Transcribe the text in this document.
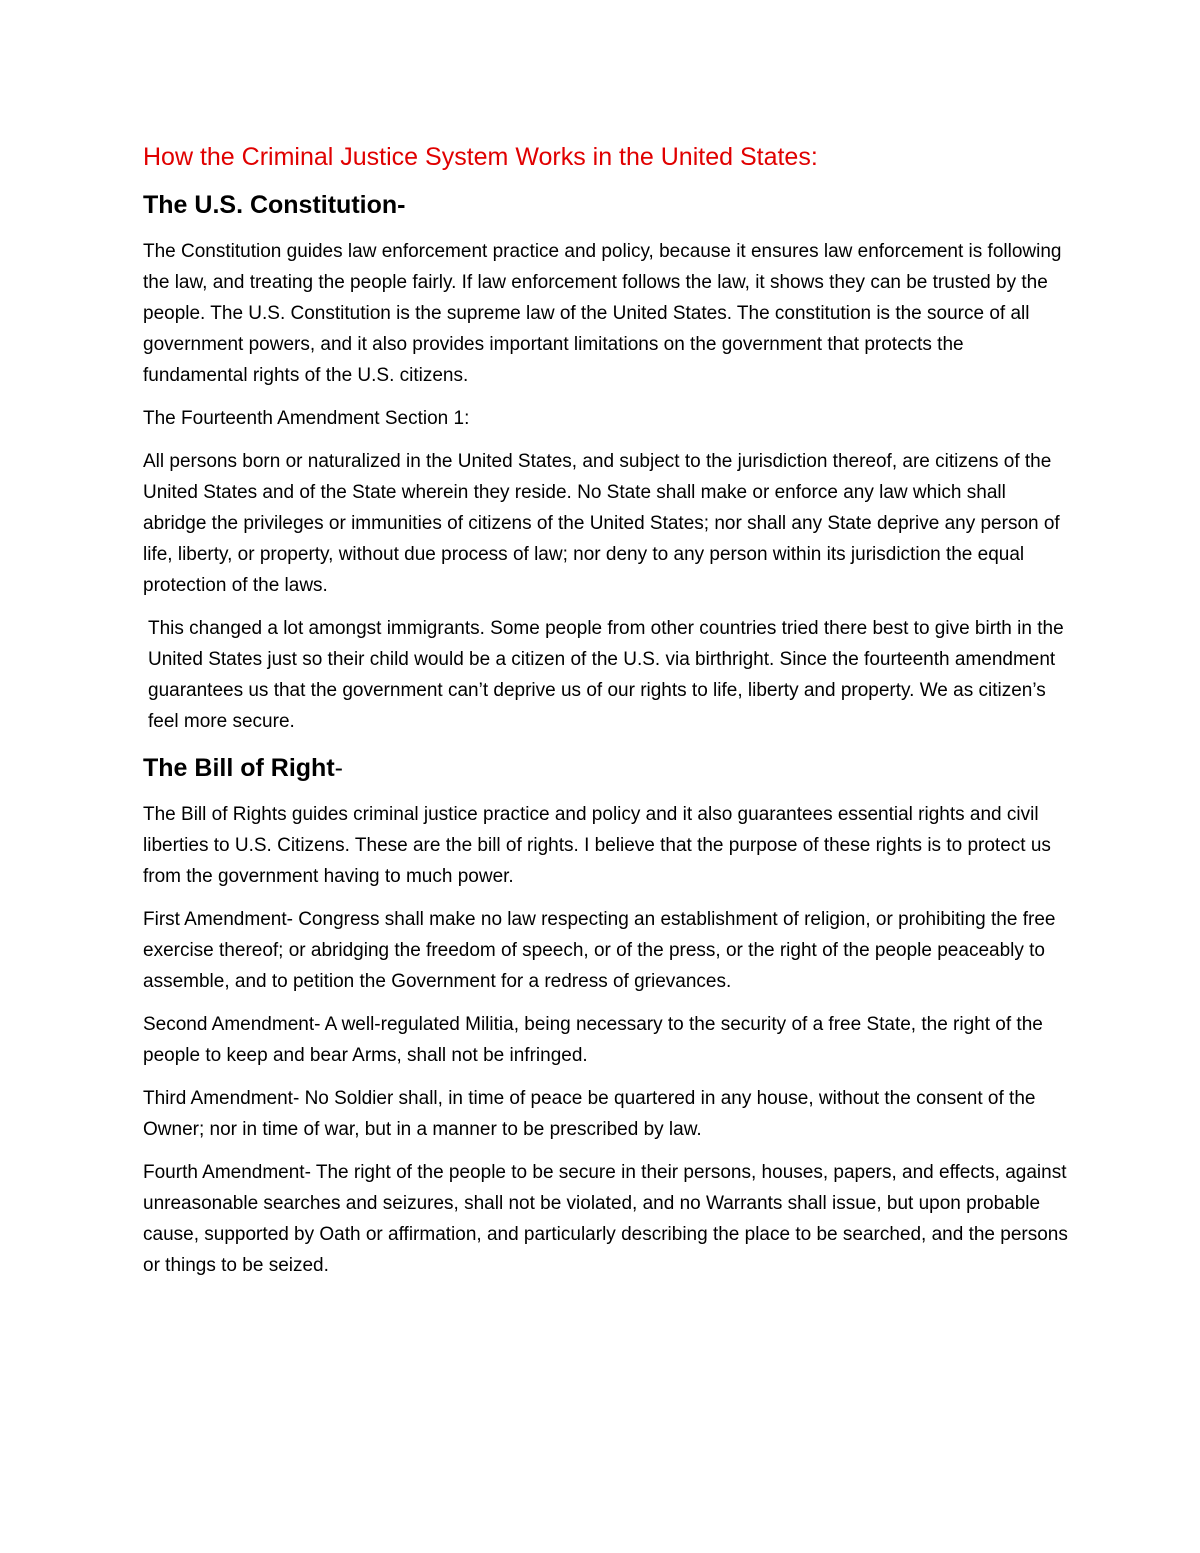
How the Criminal Justice System Works in the United States:
The U.S. Constitution-
The Constitution guides law enforcement practice and policy, because it ensures law enforcement is following the law, and treating the people fairly. If law enforcement follows the law, it shows they can be trusted by the people. The U.S. Constitution is the supreme law of the United States. The constitution is the source of all government powers, and it also provides important limitations on the government that protects the fundamental rights of the U.S. citizens.
The Fourteenth Amendment Section 1:
All persons born or naturalized in the United States, and subject to the jurisdiction thereof, are citizens of the United States and of the State wherein they reside. No State shall make or enforce any law which shall abridge the privileges or immunities of citizens of the United States; nor shall any State deprive any person of life, liberty, or property, without due process of law; nor deny to any person within its jurisdiction the equal protection of the laws.
This changed a lot amongst immigrants. Some people from other countries tried there best to give birth in the United States just so their child would be a citizen of the U.S. via birthright. Since the fourteenth amendment guarantees us that the government can’t deprive us of our rights to life, liberty and property. We as citizen’s feel more secure.
The Bill of Right-
The Bill of Rights guides criminal justice practice and policy and it also guarantees essential rights and civil liberties to U.S. Citizens. These are the bill of rights. I believe that the purpose of these rights is to protect us from the government having to much power.
First Amendment- Congress shall make no law respecting an establishment of religion, or prohibiting the free exercise thereof; or abridging the freedom of speech, or of the press, or the right of the people peaceably to assemble, and to petition the Government for a redress of grievances.
Second Amendment- A well-regulated Militia, being necessary to the security of a free State, the right of the people to keep and bear Arms, shall not be infringed.
Third Amendment- No Soldier shall, in time of peace be quartered in any house, without the consent of the Owner; nor in time of war, but in a manner to be prescribed by law.
Fourth Amendment- The right of the people to be secure in their persons, houses, papers, and effects, against unreasonable searches and seizures, shall not be violated, and no Warrants shall issue, but upon probable cause, supported by Oath or affirmation, and particularly describing the place to be searched, and the persons or things to be seized.
